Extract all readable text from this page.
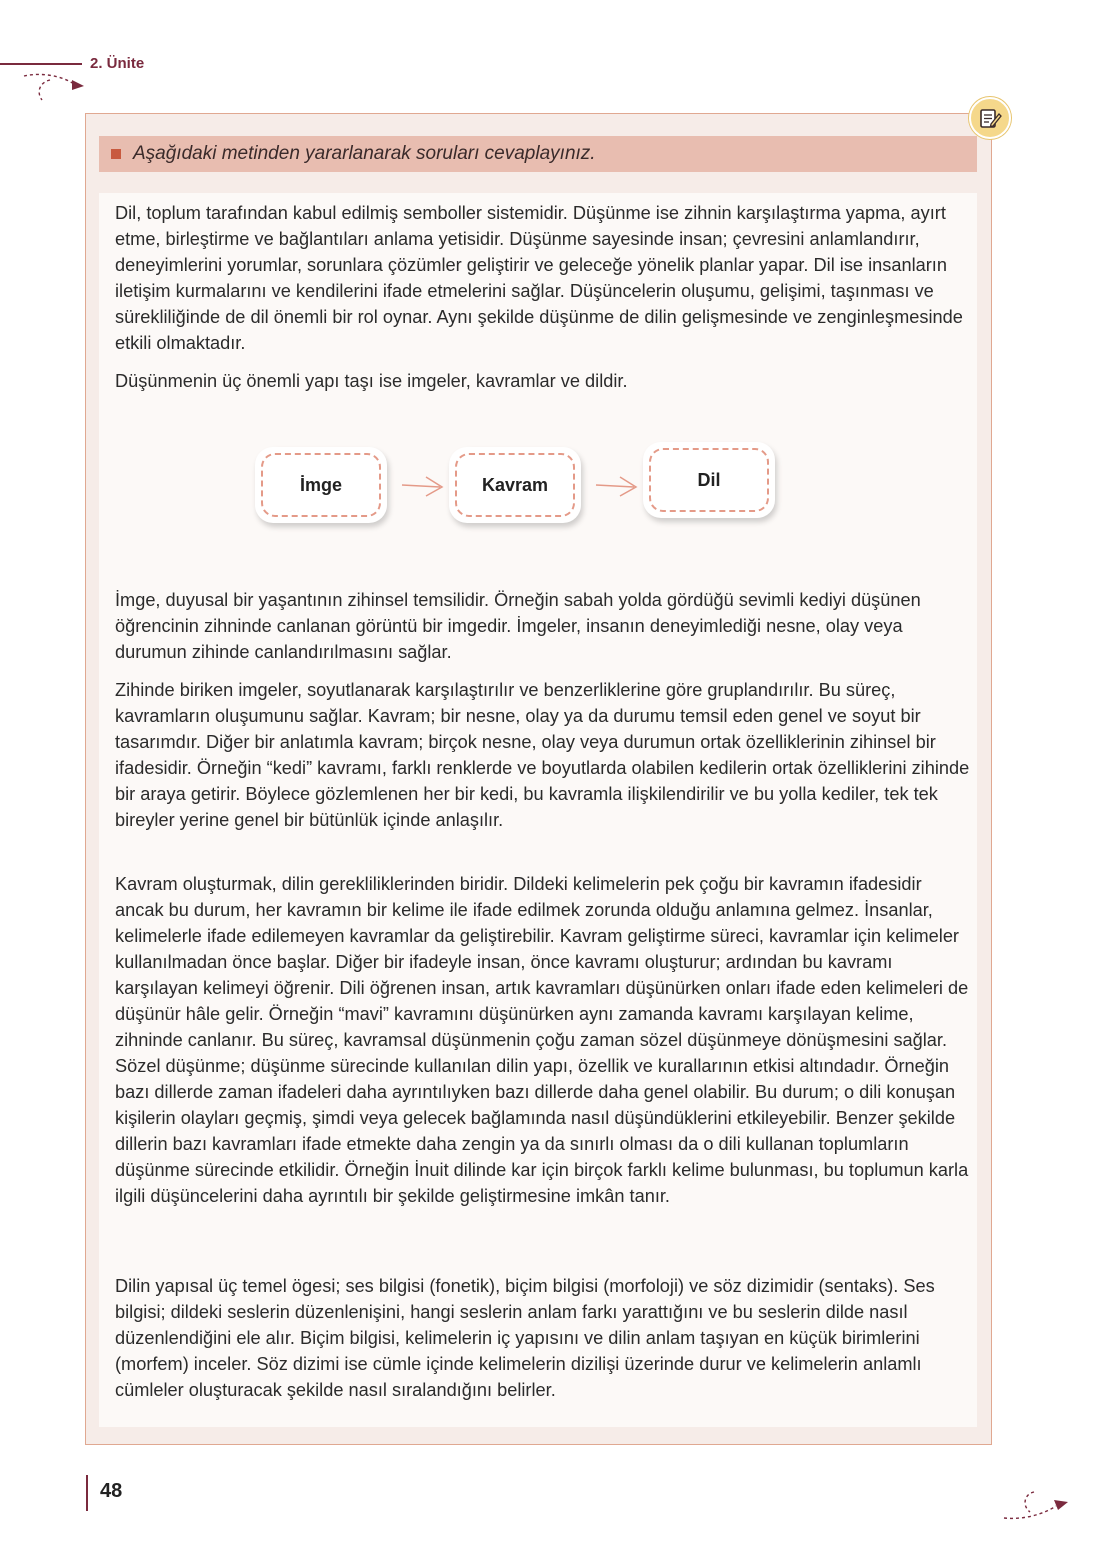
2. Ünite
Aşağıdaki metinden yararlanarak soruları cevaplayınız.

Dil, toplum tarafından kabul edilmiş semboller sistemidir. Düşünme ise zihnin karşılaştırma yapma, ayırt etme, birleştirme ve bağlantıları anlama yetisidir. Düşünme sayesinde insan; çevresini anlamlandırır, deneyimlerini yorumlar, sorunlara çözümler geliştirir ve geleceğe yönelik planlar yapar. Dil ise insanların iletişim kurmalarını ve kendilerini ifade etmelerini sağlar. Düşüncelerin oluşumu, gelişimi, taşınması ve sürekliliğinde de dil önemli bir rol oynar. Aynı şekilde düşünme de dilin gelişmesinde ve zenginleşmesinde etkili olmaktadır.

Düşünmenin üç önemli yapı taşı ise imgeler, kavramlar ve dildir.

İmge	Kavram	Dil

İmge, duyusal bir yaşantının zihinsel temsilidir. Örneğin sabah yolda gördüğü sevimli kediyi düşünen öğrencinin zihninde canlanan görüntü bir imgedir. İmgeler, insanın deneyimlediği nesne, olay veya durumun zihinde canlandırılmasını sağlar.

Zihinde biriken imgeler, soyutlanarak karşılaştırılır ve benzerliklerine göre gruplandırılır. Bu süreç, kavramların oluşumunu sağlar. Kavram; bir nesne, olay ya da durumu temsil eden genel ve soyut bir tasarımdır. Diğer bir anlatımla kavram; birçok nesne, olay veya durumun ortak özelliklerinin zihinsel bir ifadesidir. Örneğin “kedi” kavramı, farklı renklerde ve boyutlarda olabilen kedilerin ortak özelliklerini zihinde bir araya getirir. Böylece gözlemlenen her bir kedi, bu kavramla ilişkilendirilir ve bu yolla kediler, tek tek bireyler yerine genel bir bütünlük içinde anlaşılır.

Kavram oluşturmak, dilin gerekliliklerinden biridir. Dildeki kelimelerin pek çoğu bir kavramın ifadesidir ancak bu durum, her kavramın bir kelime ile ifade edilmek zorunda olduğu anlamına gelmez. İnsanlar, kelimelerle ifade edilemeyen kavramlar da geliştirebilir. Kavram geliştirme süreci, kavramlar için kelimeler kullanılmadan önce başlar. Diğer bir ifadeyle insan, önce kavramı oluşturur; ardından bu kavramı karşılayan kelimeyi öğrenir. Dili öğrenen insan, artık kavramları düşünürken onları ifade eden kelimeleri de düşünür hâle gelir. Örneğin “mavi” kavramını düşünürken aynı zamanda kavramı karşılayan kelime, zihninde canlanır. Bu süreç, kavramsal düşünmenin çoğu zaman sözel düşünmeye dönüşmesini sağlar. Sözel düşünme; düşünme sürecinde kullanılan dilin yapı, özellik ve kurallarının etkisi altındadır. Örneğin bazı dillerde zaman ifadeleri daha ayrıntılıyken bazı dillerde daha genel olabilir. Bu durum; o dili konuşan kişilerin olayları geçmiş, şimdi veya gelecek bağlamında nasıl düşündüklerini etkileyebilir. Benzer şekilde dillerin bazı kavramları ifade etmekte daha zengin ya da sınırlı olması da o dili kullanan toplumların düşünme sürecinde etkilidir. Örneğin İnuit dilinde kar için birçok farklı kelime bulunması, bu toplumun karla ilgili düşüncelerini daha ayrıntılı bir şekilde geliştirmesine imkân tanır.

Dilin yapısal üç temel ögesi; ses bilgisi (fonetik), biçim bilgisi (morfoloji) ve söz dizimidir (sentaks). Ses bilgisi; dildeki seslerin düzenlenişini, hangi seslerin anlam farkı yarattığını ve bu seslerin dilde nasıl düzenlendiğini ele alır. Biçim bilgisi, kelimelerin iç yapısını ve dilin anlam taşıyan en küçük birimlerini (morfem) inceler. Söz dizimi ise cümle içinde kelimelerin dizilişi üzerinde durur ve kelimelerin anlamlı cümleler oluşturacak şekilde nasıl sıralandığını belirler.

48
